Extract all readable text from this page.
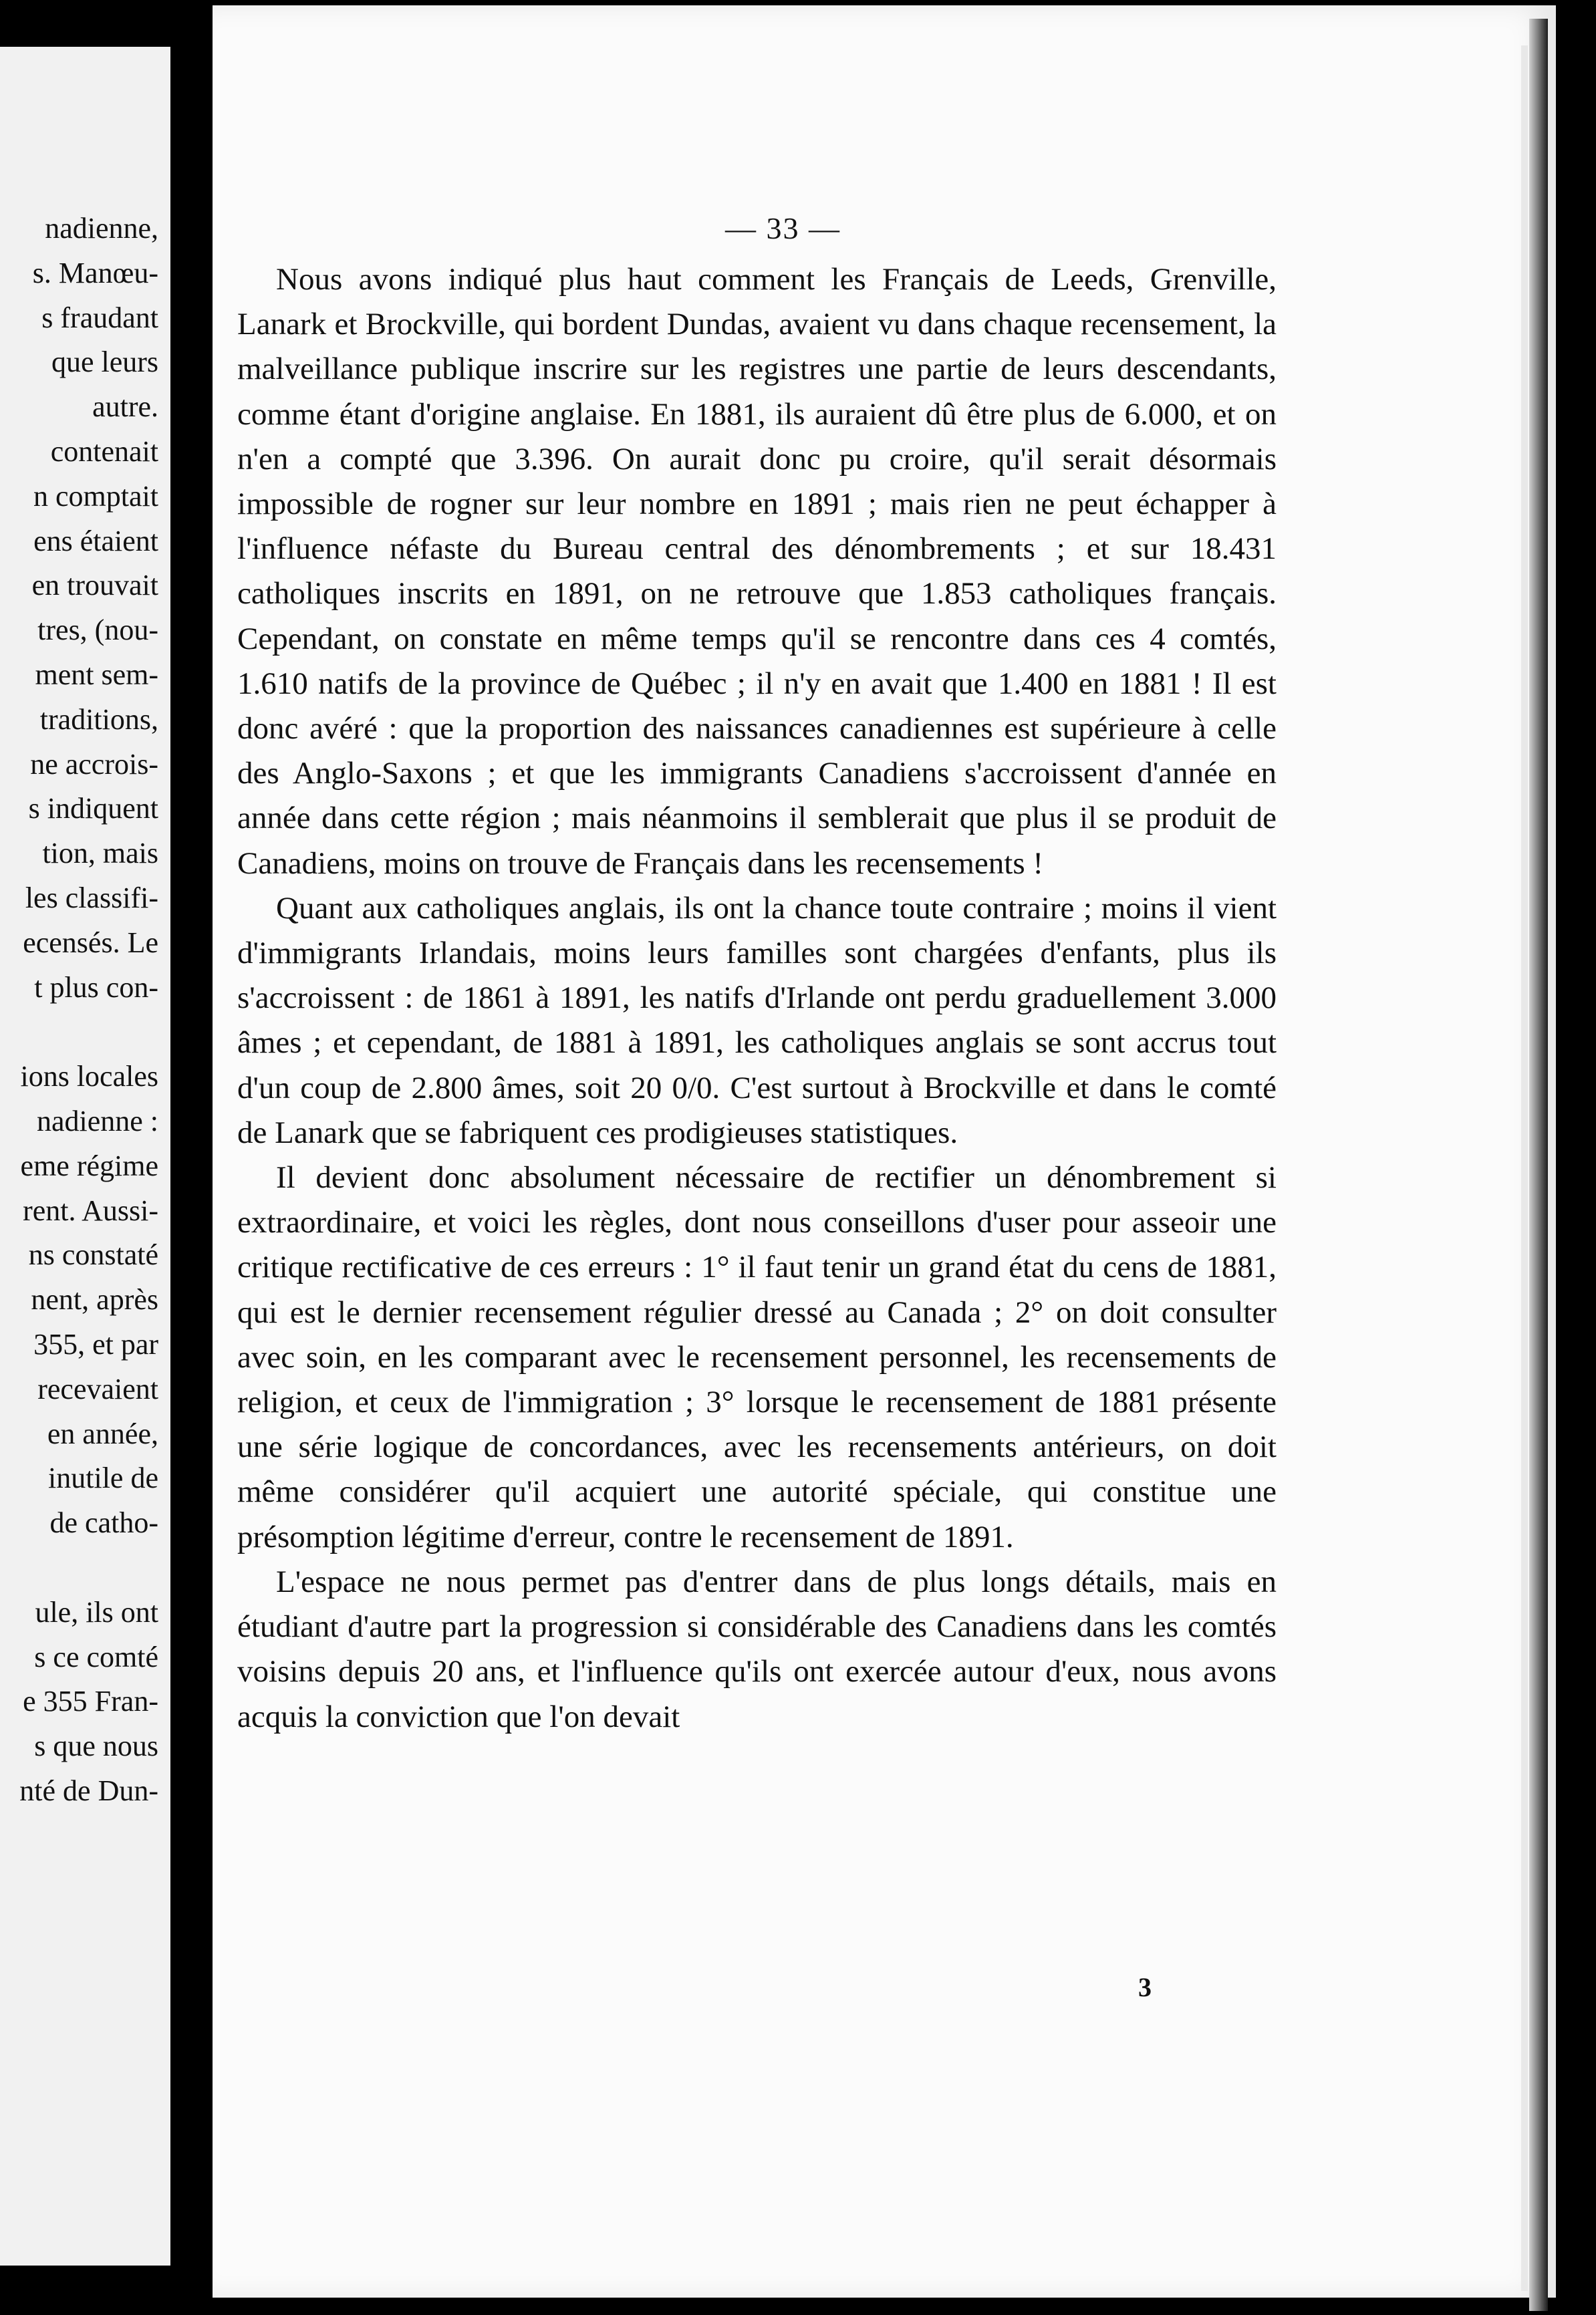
nadienne,
s. Manœu-
s fraudant
que leurs
autre.
contenait
n comptait
ens étaient
en trouvait
tres, (nou-
ment sem-
traditions,
ne accrois-
s indiquent
tion, mais
les classifi-
ecensés. Le
t plus con-
ions locales
nadienne :
eme régime
rent. Aussi-
ns constaté
nent, après
355, et par
recevaient
en année,
inutile de
de catho-
ule, ils ont
s ce comté
e 355 Fran-
s que nous
nté de Dun-
— 33 —

Nous avons indiqué plus haut comment les Français de Leeds, Grenville, Lanark et Brockville, qui bordent Dundas, avaient vu dans chaque recensement, la malveillance publique inscrire sur les registres une partie de leurs descendants, comme étant d'origine anglaise. En 1881, ils auraient dû être plus de 6.000, et on n'en a compté que 3.396. On aurait donc pu croire, qu'il serait désormais impossible de rogner sur leur nombre en 1891 ; mais rien ne peut échapper à l'influence néfaste du Bureau central des dénombrements ; et sur 18.431 catholiques inscrits en 1891, on ne retrouve que 1.853 catholiques français. Cependant, on constate en même temps qu'il se rencontre dans ces 4 comtés, 1.610 natifs de la province de Québec ; il n'y en avait que 1.400 en 1881 ! Il est donc avéré : que la proportion des naissances canadiennes est supérieure à celle des Anglo-Saxons ; et que les immigrants Canadiens s'accroissent d'année en année dans cette région ; mais néanmoins il semblerait que plus il se produit de Canadiens, moins on trouve de Français dans les recensements !

Quant aux catholiques anglais, ils ont la chance toute contraire ; moins il vient d'immigrants Irlandais, moins leurs familles sont chargées d'enfants, plus ils s'accroissent : de 1861 à 1891, les natifs d'Irlande ont perdu graduellement 3.000 âmes ; et cependant, de 1881 à 1891, les catholiques anglais se sont accrus tout d'un coup de 2.800 âmes, soit 20 0/0. C'est surtout à Brockville et dans le comté de Lanark que se fabriquent ces prodigieuses statistiques.

Il devient donc absolument nécessaire de rectifier un dénombrement si extraordinaire, et voici les règles, dont nous conseillons d'user pour asseoir une critique rectificative de ces erreurs : 1° il faut tenir un grand état du cens de 1881, qui est le dernier recensement régulier dressé au Canada ; 2° on doit consulter avec soin, en les comparant avec le recensement personnel, les recensements de religion, et ceux de l'immigration ; 3° lorsque le recensement de 1881 présente une série logique de concordances, avec les recensements antérieurs, on doit même considérer qu'il acquiert une autorité spéciale, qui constitue une présomption légitime d'erreur, contre le recensement de 1891.

L'espace ne nous permet pas d'entrer dans de plus longs détails, mais en étudiant d'autre part la progression si considérable des Canadiens dans les comtés voisins depuis 20 ans, et l'influence qu'ils ont exercée autour d'eux, nous avons acquis la conviction que l'on devait

3
